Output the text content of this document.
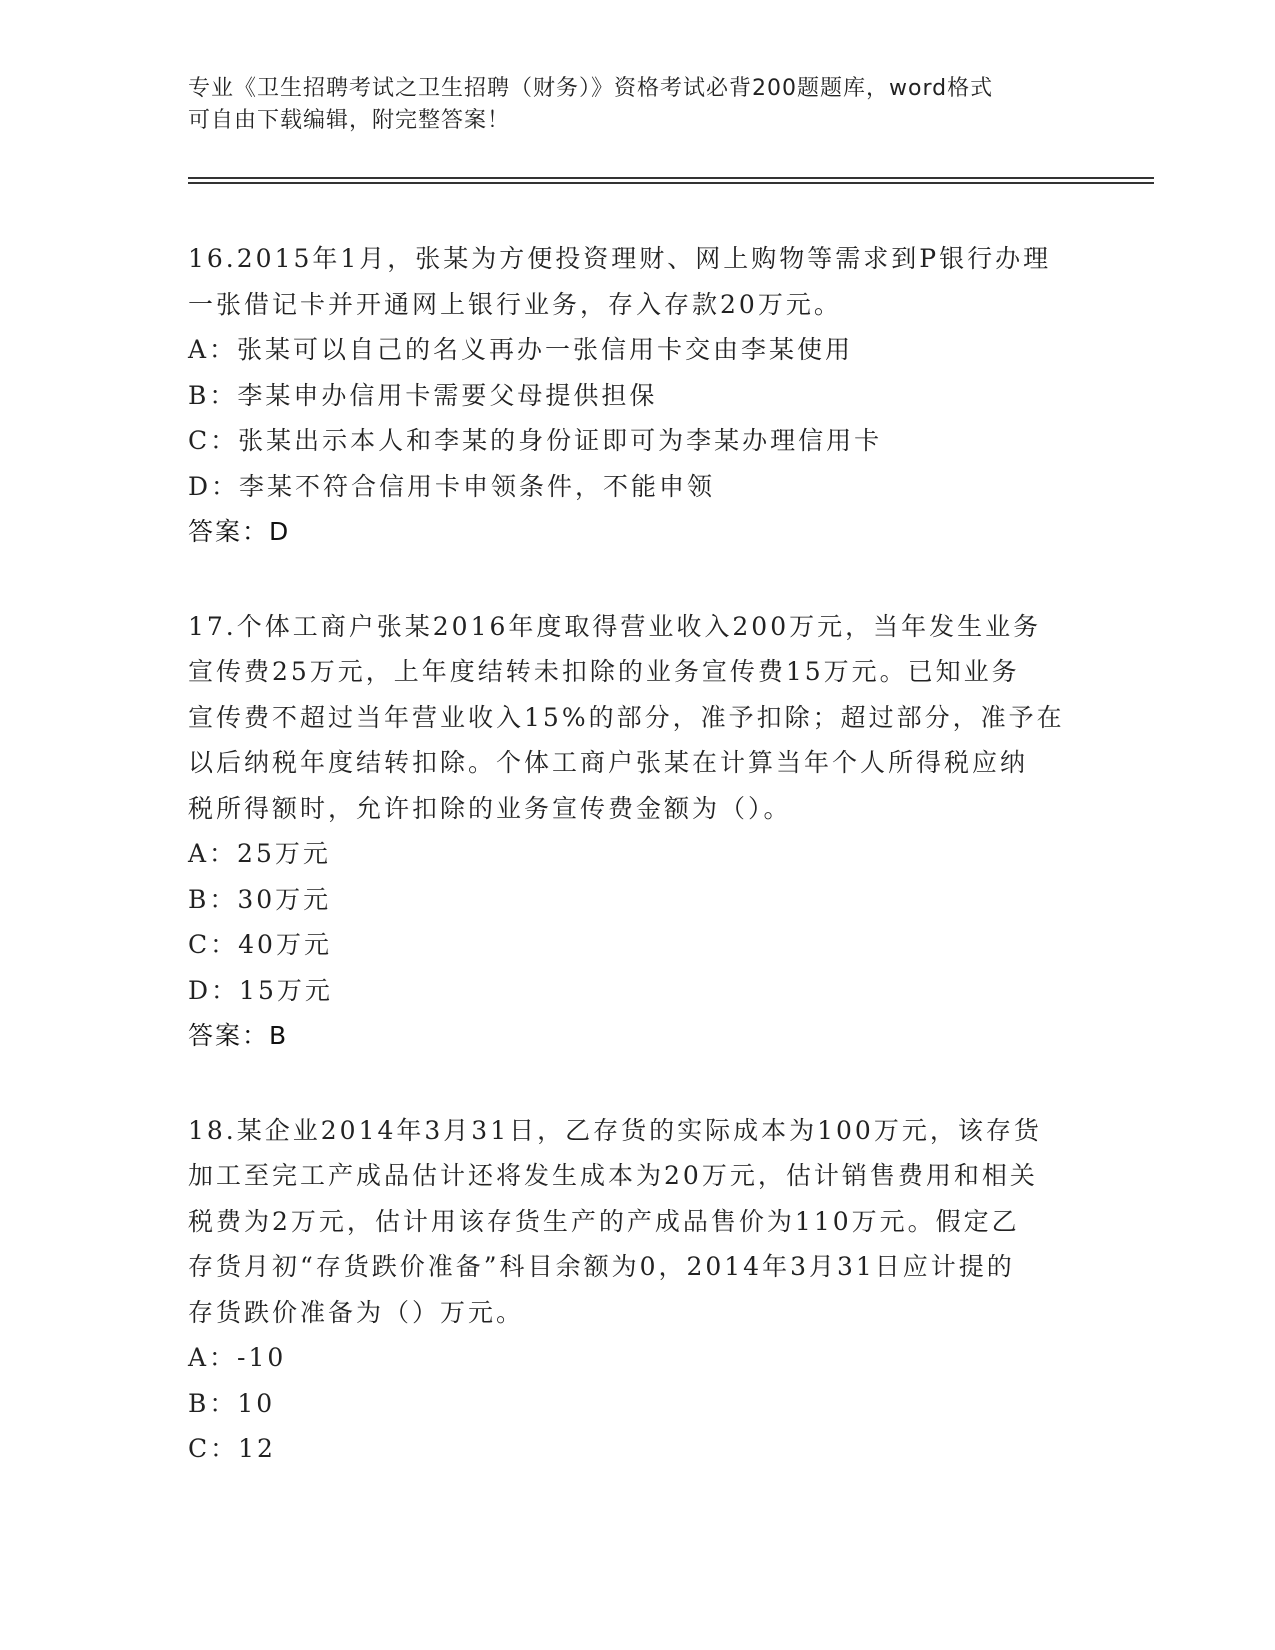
专业《卫生招聘考试之卫生招聘（财务）》资格考试必背200题题库，word格式
可自由下载编辑，附完整答案！
16.2015年1月，张某为方便投资理财、网上购物等需求到P银行办理
一张借记卡并开通网上银行业务，存入存款20万元。
A：张某可以自己的名义再办一张信用卡交由李某使用
B：李某申办信用卡需要父母提供担保
C：张某出示本人和李某的身份证即可为李某办理信用卡
D：李某不符合信用卡申领条件，不能申领
答案：D
17.个体工商户张某2016年度取得营业收入200万元，当年发生业务
宣传费25万元，上年度结转未扣除的业务宣传费15万元。已知业务
宣传费不超过当年营业收入15%的部分，准予扣除；超过部分，准予在
以后纳税年度结转扣除。个体工商户张某在计算当年个人所得税应纳
税所得额时，允许扣除的业务宣传费金额为（）。
A：25万元
B：30万元
C：40万元
D：15万元
答案：B
18.某企业2014年3月31日，乙存货的实际成本为100万元，该存货
加工至完工产成品估计还将发生成本为20万元，估计销售费用和相关
税费为2万元，估计用该存货生产的产成品售价为110万元。假定乙
存货月初“存货跌价准备”科目余额为0，2014年3月31日应计提的
存货跌价准备为（）万元。
A：-10
B：10
C：12
